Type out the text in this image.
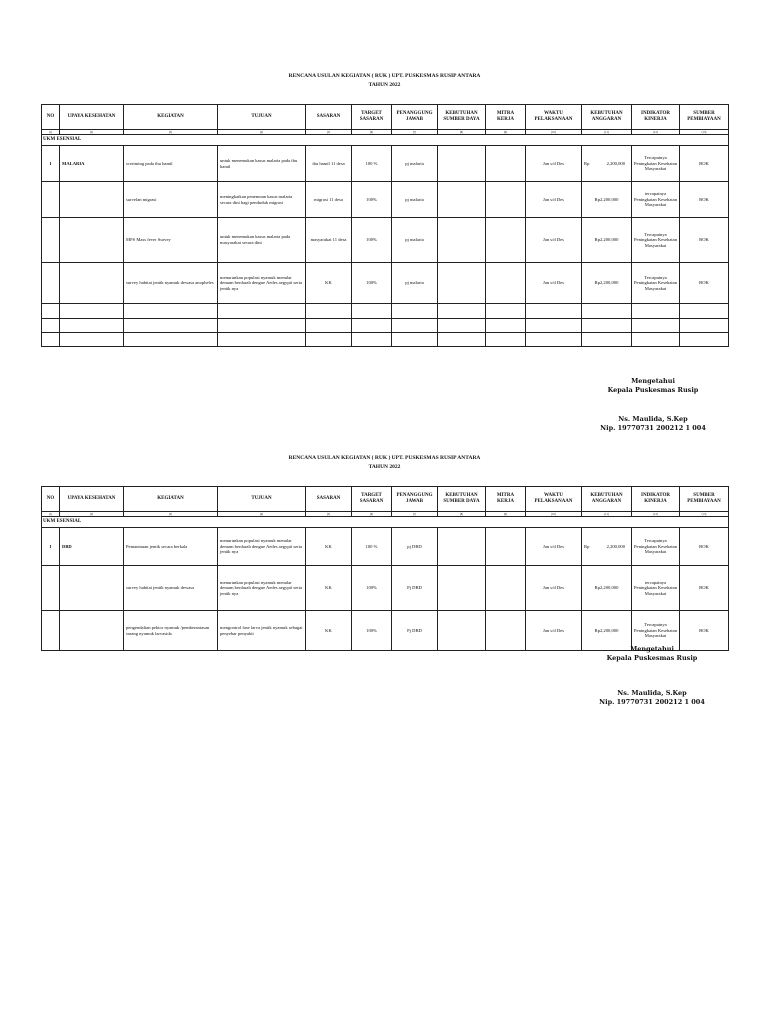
RENCANA USULAN KEGIATAN ( RUK ) UPT. PUSKESMAS RUSIP ANTARA
TAHUN 2022
NO	UPAYA KESEHATAN	KEGIATAN	TUJUAN	SASARAN	TARGET SASARAN	PENANGGUNG JAWAB	KEBUTUHAN SUMBER DAYA	MITRA KERJA	WAKTU PELAKSANAAN	KEBUTUHAN ANGGARAN	INDIKATOR KINERJA	SUMBER PEMBIAYAAN
(1)	(2)	(3)	(4)	(5)	(6)	(7)	(8)	(9)	(10)	(11)	(12)	(13)
UKM ESENSIAL												
I	MALARIA	sceriming pada ibu hamil	untuk menemukan kasus malaria pada ibu hamil	ibu hamil 11 desa	100 %	pj malaria			Jan s/d Des	Rp 2,200,000	Tercapainya Peningkatan Kesehatan Masyarakat	BOK
		survelan migrasi	meningkatkan penemuan kasus malaria secara dini bagi penduduk migrasi	migrasi 11 desa	100%	pj malaria			Jan s/d Des	Rp2,200,000	tercapainya Peningkatan Kesehatan Masyarakat	BOK
		MFS Mass fever Survey	untuk menemukan kasus malaria pada masyarakat secara dini	masyarakat 11 desa	100%	pj malaria			Jan s/d Des	Rp2,200,000	Tercapainya Peningkatan Kesehatan Masyarakat	BOK
		survey habitat jentik nyamuk dewasa anopheles	menurunkan populasi nyamuk menular demam berdarah dengue Aedes aegypti serta jentik nya	KK	100%	pj malaria			Jan s/d Des	Rp2,200,000	Tercapainya Peningkatan Kesehatan Masyarakat	BOK

Mengetahui
Kepala Puskesmas Rusip
Ns. Maulida, S.Kep
Nip. 19770731 200212 1 004
RENCANA USULAN KEGIATAN ( RUK ) UPT. PUSKESMAS RUSIP ANTARA
TAHUN 2022
NO	UPAYA KESEHATAN	KEGIATAN	TUJUAN	SASARAN	TARGET SASARAN	PENANGGUNG JAWAB	KEBUTUHAN SUMBER DAYA	MITRA KERJA	WAKTU PELAKSANAAN	KEBUTUHAN ANGGARAN	INDIKATOR KINERJA	SUMBER PEMBIAYAAN
(1)	(2)	(3)	(4)	(5)	(6)	(7)	(8)	(9)	(10)	(11)	(12)	(13)
UKM ESENSIAL												
I	DBD	Pemantauan jentik secara berkala	menurunkan populasi nyamuk menular demam berdarah dengue Aedes aegypti serta jentik nya	KK	100 %	pj DBD			Jan s/d Des	Rp 2,200,000	Tercapainya Peningkatan Kesehatan Masyarakat	BOK
		survey habitat jentik nyamuk dewasa	menurunkan populasi nyamuk menular demam berdarah dengue Aedes aegypti serta jentik nya	KK	100%	Pj DBD			Jan s/d Des	Rp2,200,000	tercapainya Peningkatan Kesehatan Masyarakat	BOK
		pengendalian pektor nyamuk /pemberantasan sarang nyamuk larvasida	mengontrol fase larva jentik nyamuk sebagai penyebar penyakit	KK	100%	Pj DBD			Jan s/d Des	Rp2,200,000	Tercapainya Peningkatan Kesehatan Masyarakat	BOK
Mengetahui
Kepala Puskesmas Rusip
Ns. Maulida, S.Kep
Nip. 19770731 200212 1 004
